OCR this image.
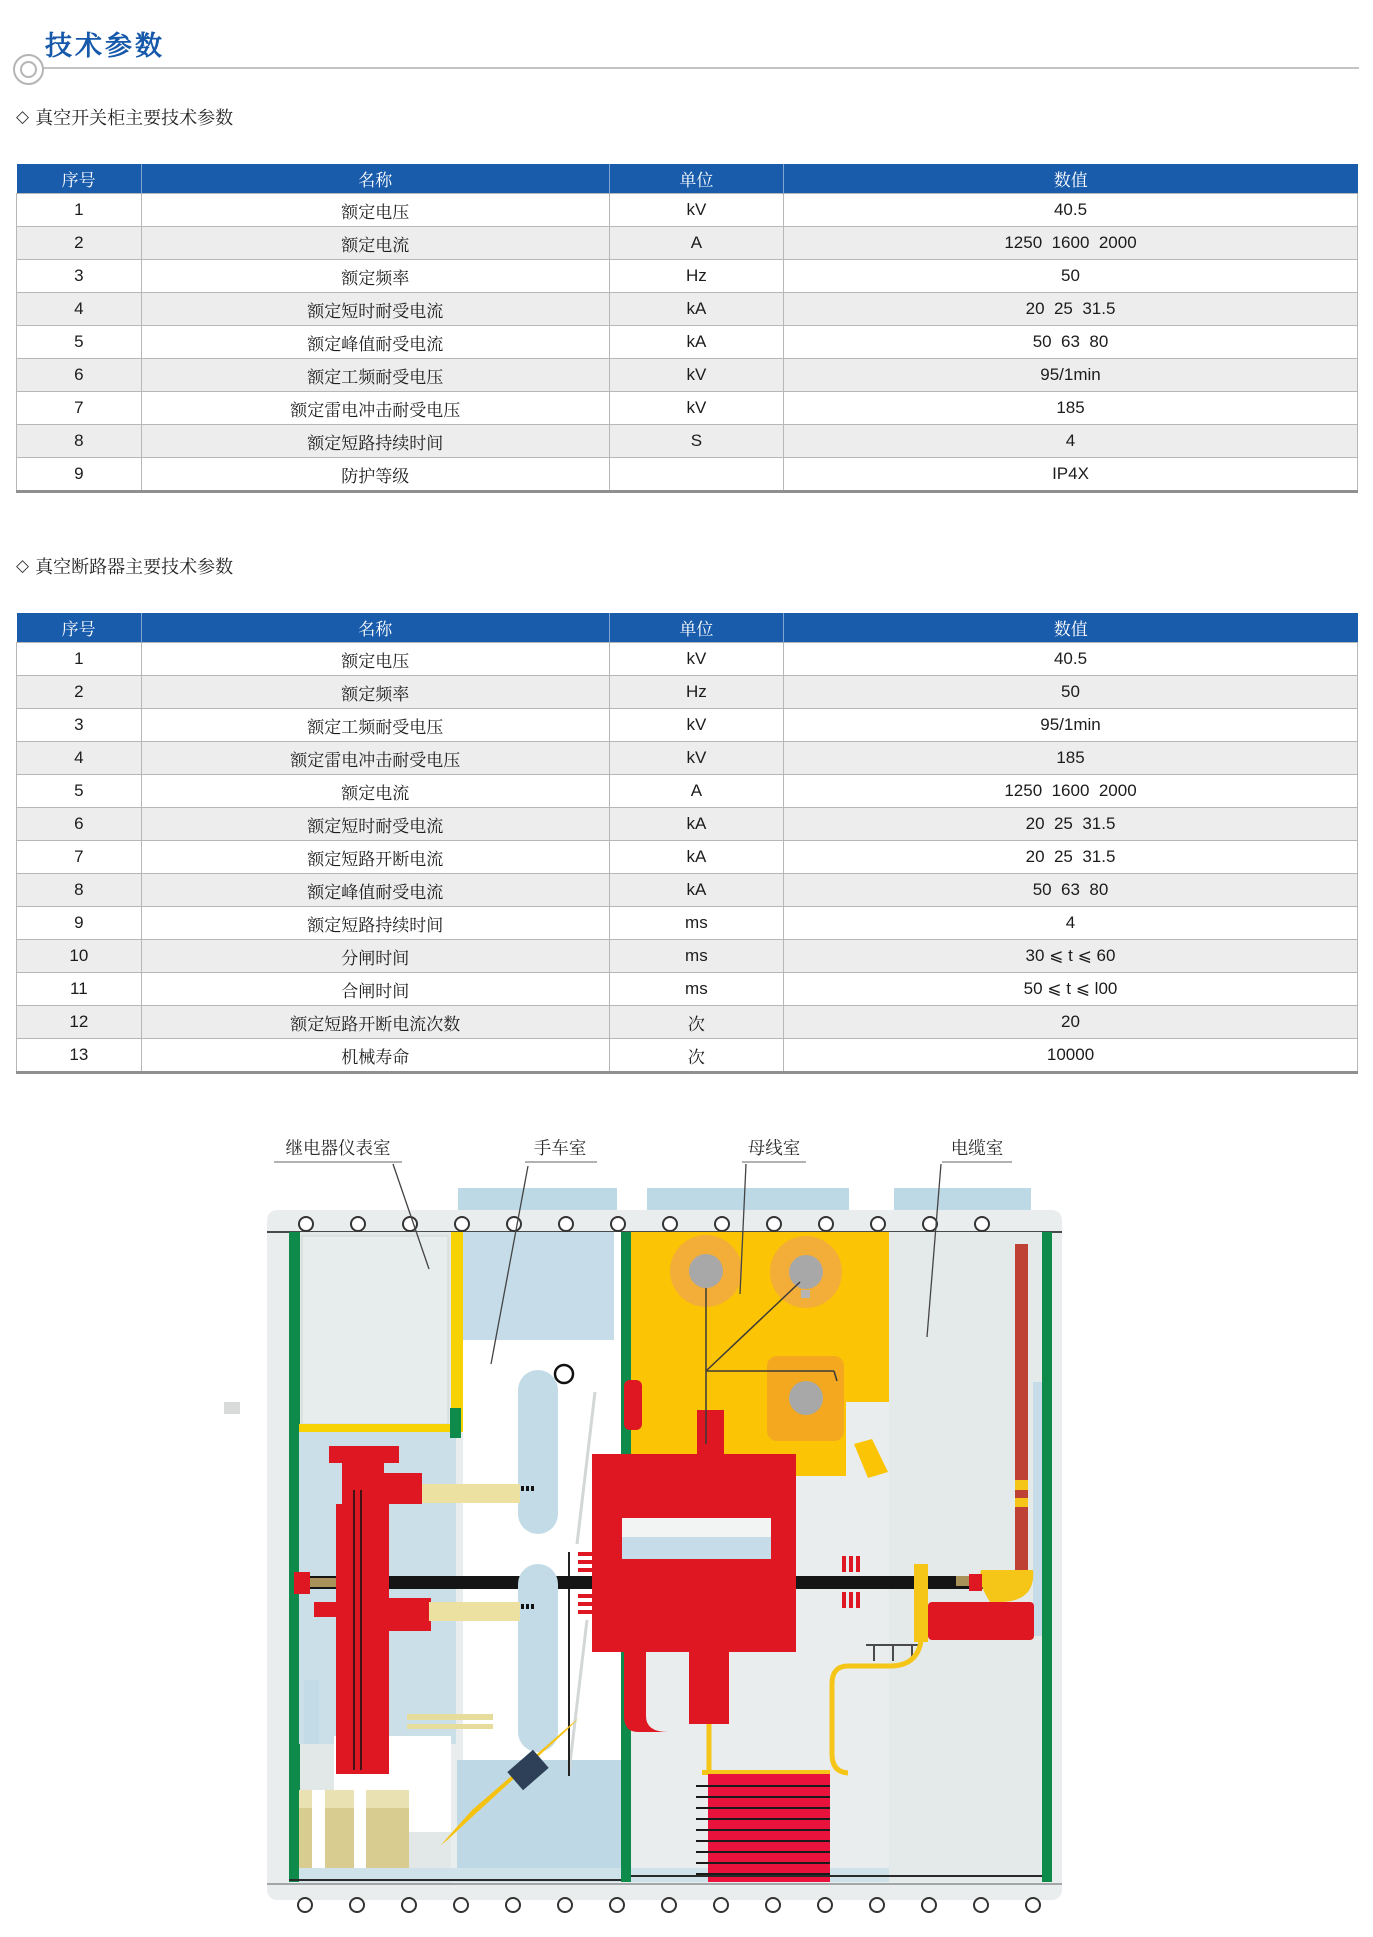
技术参数
◇ 真空开关柜主要技术参数
序号	名称	单位	数值
1	额定电压	kV	40.5
2	额定电流	A	1250  1600  2000
3	额定频率	Hz	50
4	额定短时耐受电流	kA	20  25  31.5
5	额定峰值耐受电流	kA	50  63  80
6	额定工频耐受电压	kV	95/1min
7	额定雷电冲击耐受电压	kV	185
8	额定短路持续时间	S	4
9	防护等级		IP4X
◇ 真空断路器主要技术参数
序号	名称	单位	数值
1	额定电压	kV	40.5
2	额定频率	Hz	50
3	额定工频耐受电压	kV	95/1min
4	额定雷电冲击耐受电压	kV	185
5	额定电流	A	1250  1600  2000
6	额定短时耐受电流	kA	20  25  31.5
7	额定短路开断电流	kA	20  25  31.5
8	额定峰值耐受电流	kA	50  63  80
9	额定短路持续时间	ms	4
10	分闸时间	ms	30 ⩽ t ⩽ 60
11	合闸时间	ms	50 ⩽ t ⩽ l00
12	额定短路开断电流次数	次	20
13	机械寿命	次	10000
继电器仪表室	手车室	母线室	电缆室
